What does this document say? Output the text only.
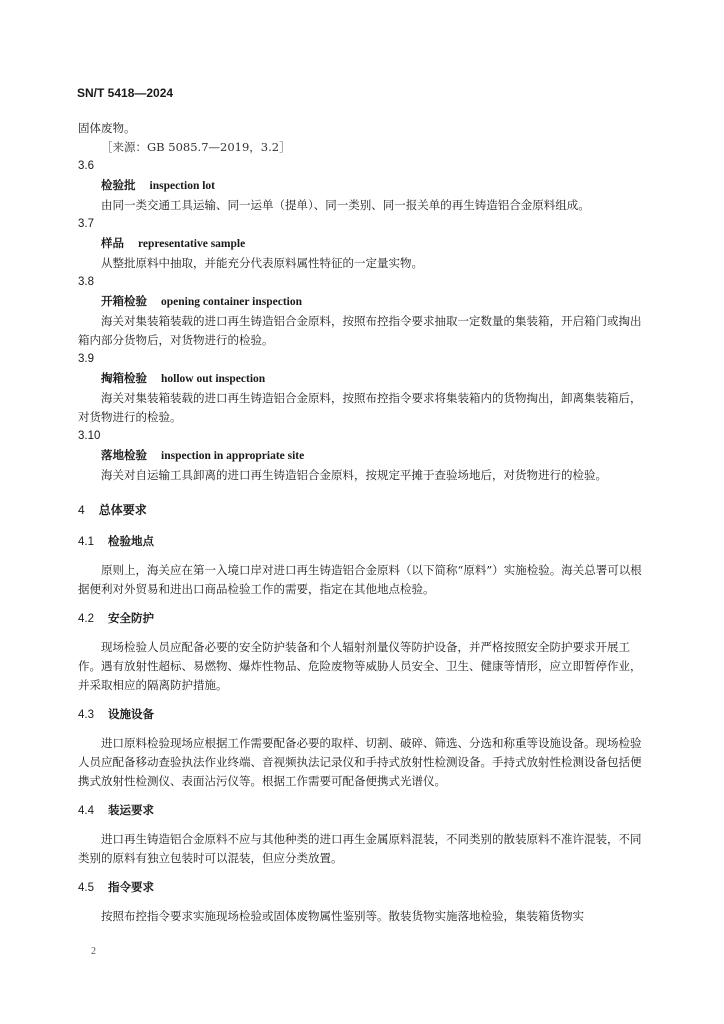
SN/T 5418—2024

固体废物。

［来源：GB 5085.7—2019，3.2］

3.6
检验批 inspection lot

由同一类交通工具运输、同一运单（提单）、同一类别、同一报关单的再生铸造铝合金原料组成。

3.7
样品 representative sample

从整批原料中抽取，并能充分代表原料属性特征的一定量实物。

3.8
开箱检验 opening container inspection

海关对集装箱装载的进口再生铸造铝合金原料，按照布控指令要求抽取一定数量的集装箱，开启箱门或掏出箱内部分货物后，对货物进行的检验。

3.9
掏箱检验 hollow out inspection

海关对集装箱装载的进口再生铸造铝合金原料，按照布控指令要求将集装箱内的货物掏出，卸离集装箱后，对货物进行的检验。

3.10
落地检验 inspection in appropriate site

海关对自运输工具卸离的进口再生铸造铝合金原料，按规定平摊于查验场地后，对货物进行的检验。

4 总体要求
4.1 检验地点

原则上，海关应在第一入境口岸对进口再生铸造铝合金原料（以下简称“原料”）实施检验。海关总署可以根据便利对外贸易和进出口商品检验工作的需要，指定在其他地点检验。

4.2 安全防护

现场检验人员应配备必要的安全防护装备和个人辐射剂量仪等防护设备，并严格按照安全防护要求开展工作。遇有放射性超标、易燃物、爆炸性物品、危险废物等威胁人员安全、卫生、健康等情形，应立即暂停作业，并采取相应的隔离防护措施。

4.3 设施设备

进口原料检验现场应根据工作需要配备必要的取样、切割、破碎、筛选、分选和称重等设施设备。现场检验人员应配备移动查验执法作业终端、音视频执法记录仪和手持式放射性检测设备。手持式放射性检测设备包括便携式放射性检测仪、表面沾污仪等。根据工作需要可配备便携式光谱仪。

4.4 装运要求

进口再生铸造铝合金原料不应与其他种类的进口再生金属原料混装，不同类别的散装原料不准许混装，不同类别的原料有独立包装时可以混装，但应分类放置。

4.5 指令要求

按照布控指令要求实施现场检验或固体废物属性鉴别等。散装货物实施落地检验，集装箱货物实

2
